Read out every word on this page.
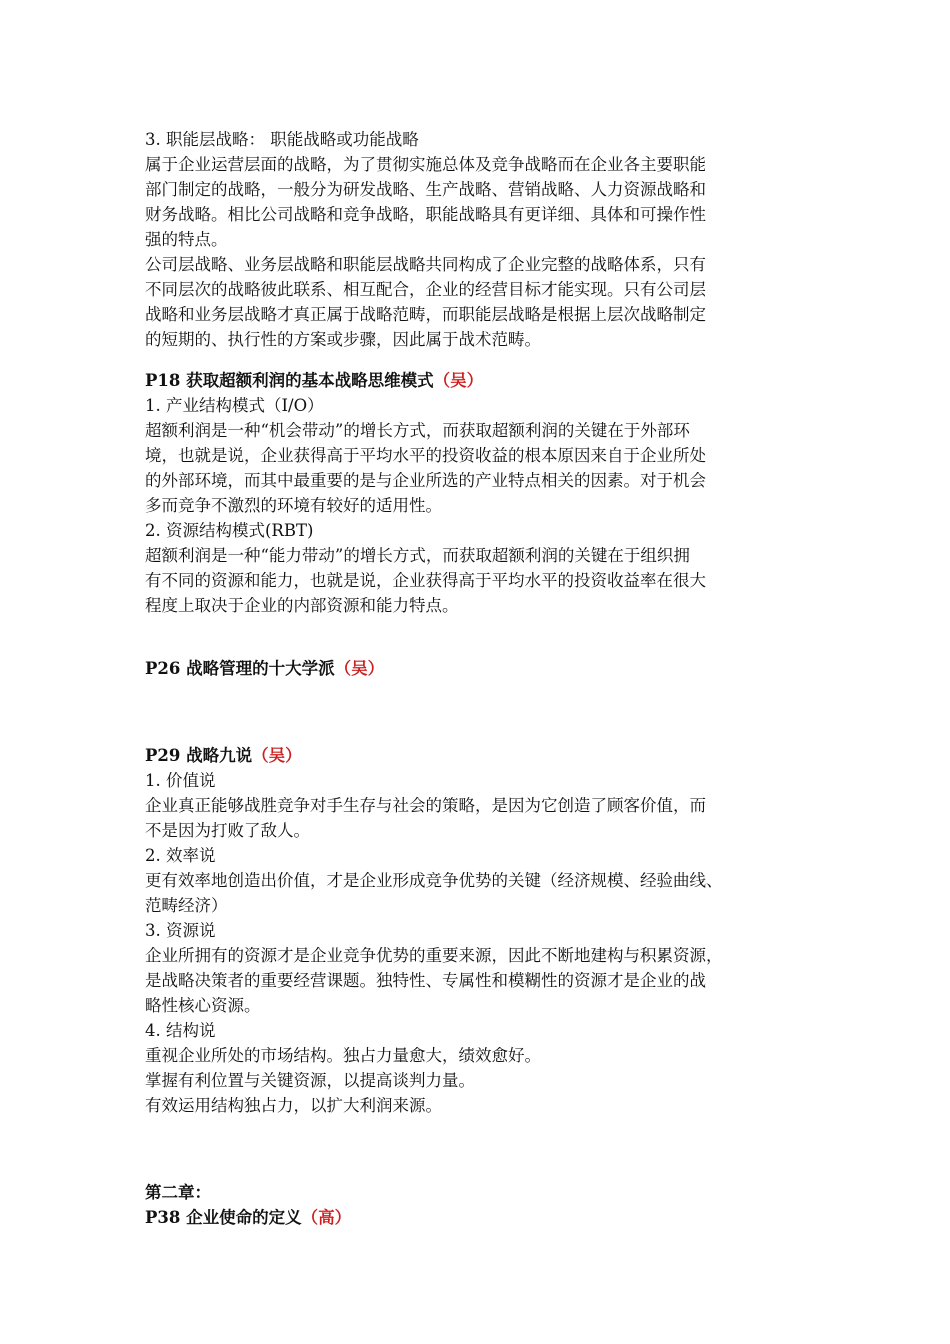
3. 职能层战略： 职能战略或功能战略
属于企业运营层面的战略，为了贯彻实施总体及竞争战略而在企业各主要职能
部门制定的战略，一般分为研发战略、生产战略、营销战略、人力资源战略和
财务战略。相比公司战略和竞争战略，职能战略具有更详细、具体和可操作性
强的特点。
公司层战略、业务层战略和职能层战略共同构成了企业完整的战略体系，只有
不同层次的战略彼此联系、相互配合，企业的经营目标才能实现。只有公司层
战略和业务层战略才真正属于战略范畴，而职能层战略是根据上层次战略制定
的短期的、执行性的方案或步骤，因此属于战术范畴。
P18 获取超额利润的基本战略思维模式（吴）
1. 产业结构模式（I/O）
超额利润是一种“机会带动”的增长方式，而获取超额利润的关键在于外部环
境，也就是说，企业获得高于平均水平的投资收益的根本原因来自于企业所处
的外部环境，而其中最重要的是与企业所选的产业特点相关的因素。对于机会
多而竞争不激烈的环境有较好的适用性。
2. 资源结构模式(RBT)
超额利润是一种“能力带动”的增长方式，而获取超额利润的关键在于组织拥
有不同的资源和能力，也就是说，企业获得高于平均水平的投资收益率在很大
程度上取决于企业的内部资源和能力特点。
P26 战略管理的十大学派（吴）
P29 战略九说（吴）
1. 价值说
企业真正能够战胜竞争对手生存与社会的策略，是因为它创造了顾客价值，而
不是因为打败了敌人。
2. 效率说
更有效率地创造出价值，才是企业形成竞争优势的关键（经济规模、经验曲线、
范畴经济）
3. 资源说
企业所拥有的资源才是企业竞争优势的重要来源，因此不断地建构与积累资源，
是战略决策者的重要经营课题。独特性、专属性和模糊性的资源才是企业的战
略性核心资源。
4. 结构说
重视企业所处的市场结构。独占力量愈大，绩效愈好。
掌握有利位置与关键资源，以提高谈判力量。
有效运用结构独占力，以扩大利润来源。
第二章：
P38 企业使命的定义（高）
